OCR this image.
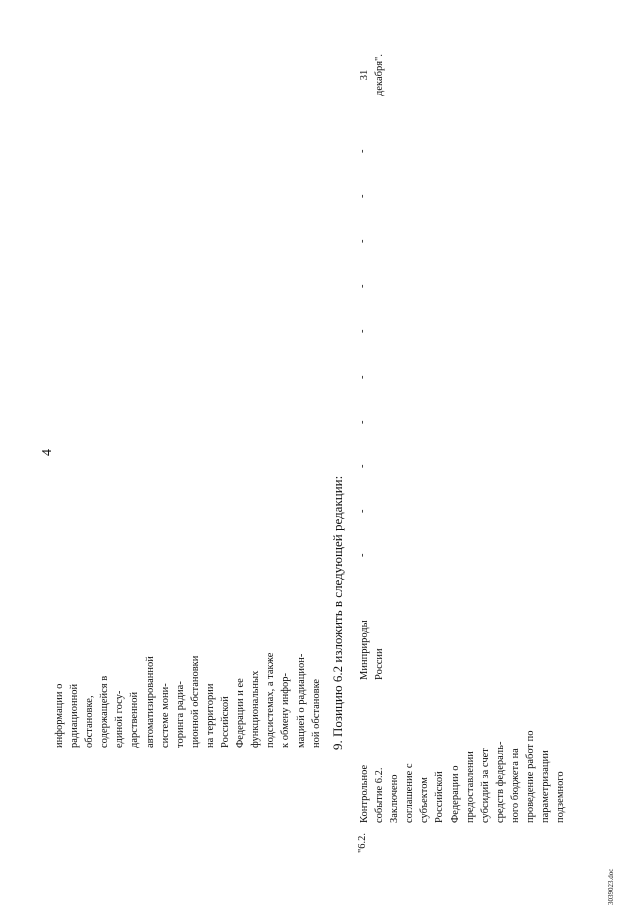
4
информации о радиационной обстановке, содержащейся в единой госу- дарственной автоматизированной системе мони- торинга радиа- ционной обстановки на территории Российской Федерации и ее функциональных подсистемах, а также к обмену инфор- мацией о радиацион- ной обстановке 9. Позицию 6.2 изложить в следующей редакции:
"6.2.
Контрольное событие 6.2. Заключено соглашение с субъектом Российской Федерации о предоставлении субсидий за счет средств федераль- ного бюджета на проведение работ по параметризации подземного
Минприроды России
-
-
-
-
-
-
-
-
-
-
31 декабря".
3039023.doc
